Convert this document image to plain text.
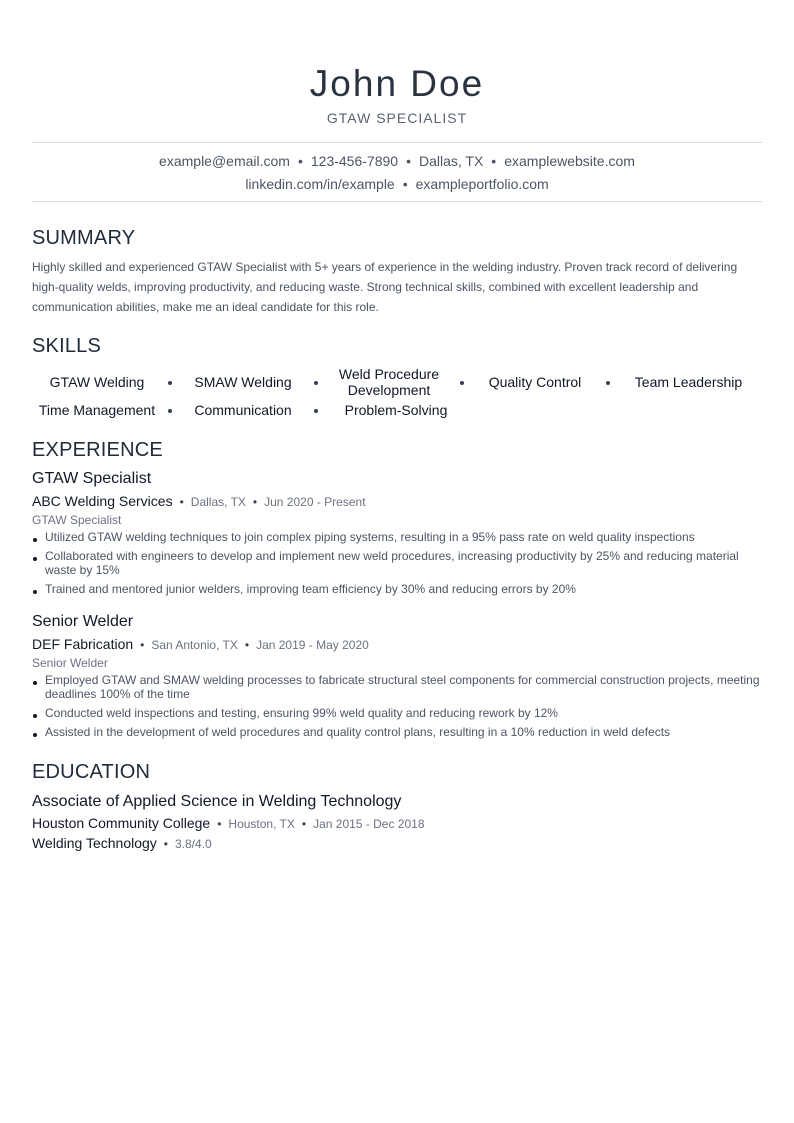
John Doe
GTAW SPECIALIST
example@email.com • 123-456-7890 • Dallas, TX • examplewebsite.com
linkedin.com/in/example • exampleportfolio.com
SUMMARY
Highly skilled and experienced GTAW Specialist with 5+ years of experience in the welding industry. Proven track record of delivering high-quality welds, improving productivity, and reducing waste. Strong technical skills, combined with excellent leadership and communication abilities, make me an ideal candidate for this role.
SKILLS
GTAW Welding	SMAW Welding	Weld Procedure Development	Quality Control	Team Leadership
Time Management	Communication	Problem-Solving
EXPERIENCE
GTAW Specialist
ABC Welding Services • Dallas, TX • Jun 2020 - Present
GTAW Specialist
Utilized GTAW welding techniques to join complex piping systems, resulting in a 95% pass rate on weld quality inspections
Collaborated with engineers to develop and implement new weld procedures, increasing productivity by 25% and reducing material waste by 15%
Trained and mentored junior welders, improving team efficiency by 30% and reducing errors by 20%
Senior Welder
DEF Fabrication • San Antonio, TX • Jan 2019 - May 2020
Senior Welder
Employed GTAW and SMAW welding processes to fabricate structural steel components for commercial construction projects, meeting deadlines 100% of the time
Conducted weld inspections and testing, ensuring 99% weld quality and reducing rework by 12%
Assisted in the development of weld procedures and quality control plans, resulting in a 10% reduction in weld defects
EDUCATION
Associate of Applied Science in Welding Technology
Houston Community College • Houston, TX • Jan 2015 - Dec 2018
Welding Technology • 3.8/4.0
